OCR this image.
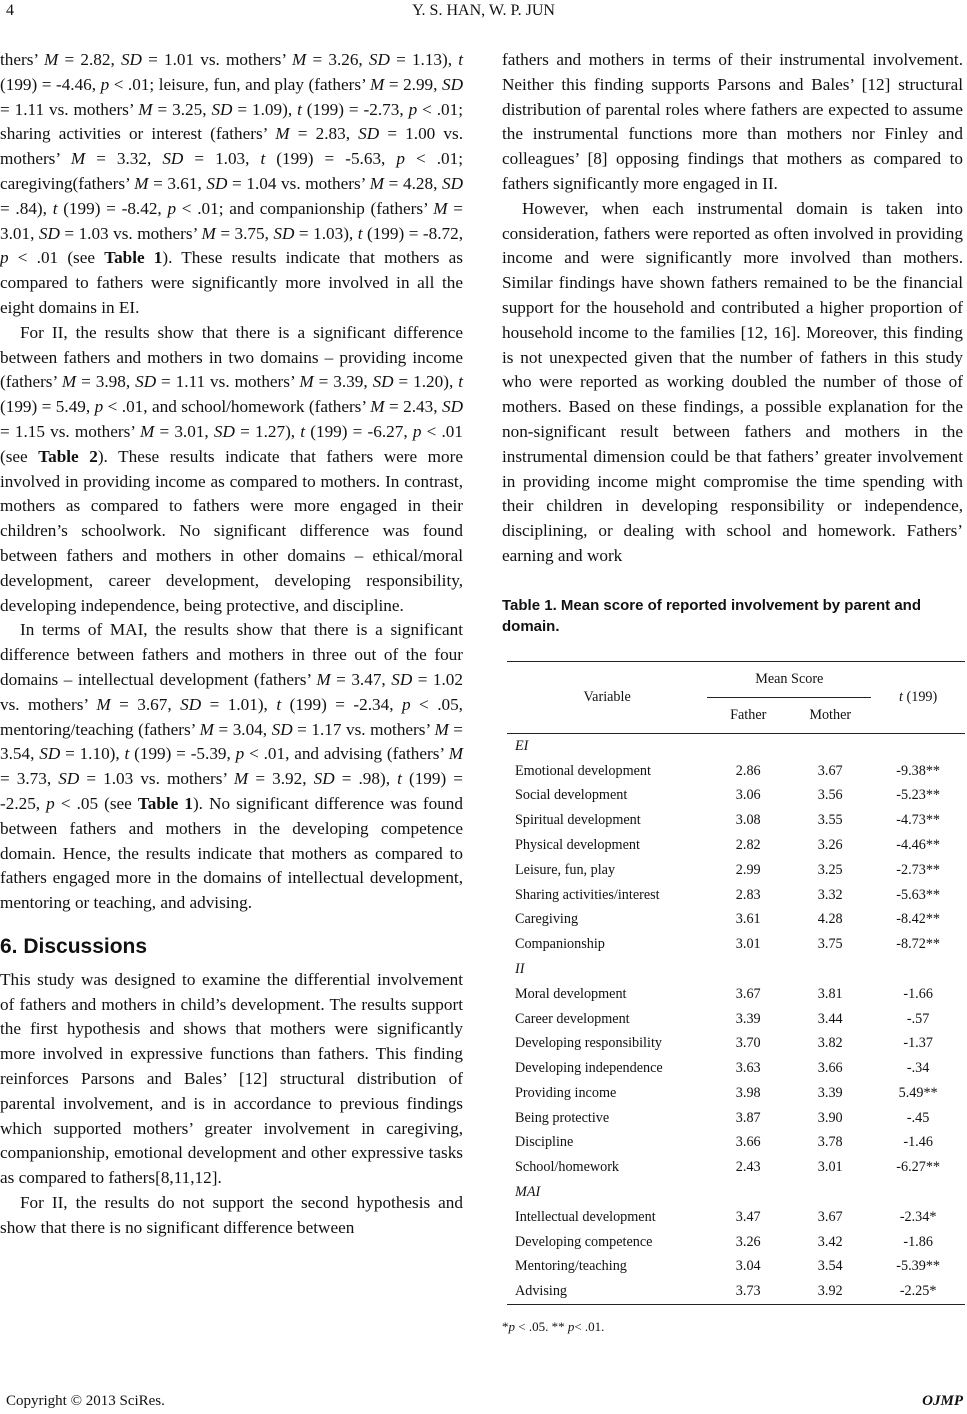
4	Y. S. HAN, W. P. JUN

thers’ M = 2.82, SD = 1.01 vs. mothers’ M = 3.26, SD = 1.13), t (199) = -4.46, p < .01; leisure, fun, and play (fathers’ M = 2.99, SD = 1.11 vs. mothers’ M = 3.25, SD = 1.09), t (199) = -2.73, p < .01; sharing activities or interest (fathers’ M = 2.83, SD = 1.00 vs. mothers’ M = 3.32, SD = 1.03, t (199) = -5.63, p < .01; caregiving(fathers’ M = 3.61, SD = 1.04 vs. mothers’ M = 4.28, SD = .84), t (199) = -8.42, p < .01; and companionship (fathers’ M = 3.01, SD = 1.03 vs. mothers’ M = 3.75, SD = 1.03), t (199) = -8.72, p < .01 (see Table 1). These results indicate that mothers as compared to fathers were significantly more involved in all the eight domains in EI.

For II, the results show that there is a significant difference between fathers and mothers in two domains – providing income (fathers’ M = 3.98, SD = 1.11 vs. mothers’ M = 3.39, SD = 1.20), t (199) = 5.49, p < .01, and school/homework (fathers’ M = 2.43, SD = 1.15 vs. mothers’ M = 3.01, SD = 1.27), t (199) = -6.27, p < .01 (see Table 2). These results indicate that fathers were more involved in providing income as compared to mothers. In contrast, mothers as compared to fathers were more engaged in their children’s schoolwork. No significant difference was found between fathers and mothers in other domains – ethical/moral development, career development, developing responsibility, developing independence, being protective, and discipline.

In terms of MAI, the results show that there is a significant difference between fathers and mothers in three out of the four domains – intellectual development (fathers’ M = 3.47, SD = 1.02 vs. mothers’ M = 3.67, SD = 1.01), t (199) = -2.34, p < .05, mentoring/teaching (fathers’ M = 3.04, SD = 1.17 vs. mothers’ M = 3.54, SD = 1.10), t (199) = -5.39, p < .01, and advising (fathers’ M = 3.73, SD = 1.03 vs. mothers’ M = 3.92, SD = .98), t (199) = -2.25, p < .05 (see Table 1). No significant difference was found between fathers and mothers in the developing competence domain. Hence, the results indicate that mothers as compared to fathers engaged more in the domains of intellectual development, mentoring or teaching, and advising.

6. Discussions

This study was designed to examine the differential involvement of fathers and mothers in child’s development. The results support the first hypothesis and shows that mothers were significantly more involved in expressive functions than fathers. This finding reinforces Parsons and Bales’ [12] structural distribution of parental involvement, and is in accordance to previous findings which supported mothers’ greater involvement in caregiving, companionship, emotional development and other expressive tasks as compared to fathers[8,11,12].

For II, the results do not support the second hypothesis and show that there is no significant difference between

fathers and mothers in terms of their instrumental involvement. Neither this finding supports Parsons and Bales’ [12] structural distribution of parental roles where fathers are expected to assume the instrumental functions more than mothers nor Finley and colleagues’ [8] opposing findings that mothers as compared to fathers significantly more engaged in II.

However, when each instrumental domain is taken into consideration, fathers were reported as often involved in providing income and were significantly more involved than mothers. Similar findings have shown fathers remained to be the financial support for the household and contributed a higher proportion of household income to the families [12, 16]. Moreover, this finding is not unexpected given that the number of fathers in this study who were reported as working doubled the number of those of mothers. Based on these findings, a possible explanation for the non-significant result between fathers and mothers in the instrumental dimension could be that fathers’ greater involvement in providing income might compromise the time spending with their children in developing responsibility or independence, disciplining, or dealing with school and homework. Fathers’ earning and work

Table 1. Mean score of reported involvement by parent and domain.
Variable	Mean Score		t (199)
	Father	Mother	
EI			
Emotional development	2.86	3.67	-9.38**
Social development	3.06	3.56	-5.23**
Spiritual development	3.08	3.55	-4.73**
Physical development	2.82	3.26	-4.46**
Leisure, fun, play	2.99	3.25	-2.73**
Sharing activities/interest	2.83	3.32	-5.63**
Caregiving	3.61	4.28	-8.42**
Companionship	3.01	3.75	-8.72**
II			
Moral development	3.67	3.81	-1.66
Career development	3.39	3.44	-.57
Developing responsibility	3.70	3.82	-1.37
Developing independence	3.63	3.66	-.34
Providing income	3.98	3.39	5.49**
Being protective	3.87	3.90	-.45
Discipline	3.66	3.78	-1.46
School/homework	2.43	3.01	-6.27**
MAI			
Intellectual development	3.47	3.67	-2.34*
Developing competence	3.26	3.42	-1.86
Mentoring/teaching	3.04	3.54	-5.39**
Advising	3.73	3.92	-2.25*
*p < .05. ** p< .01.
Copyright © 2013 SciRes.	OJMP
